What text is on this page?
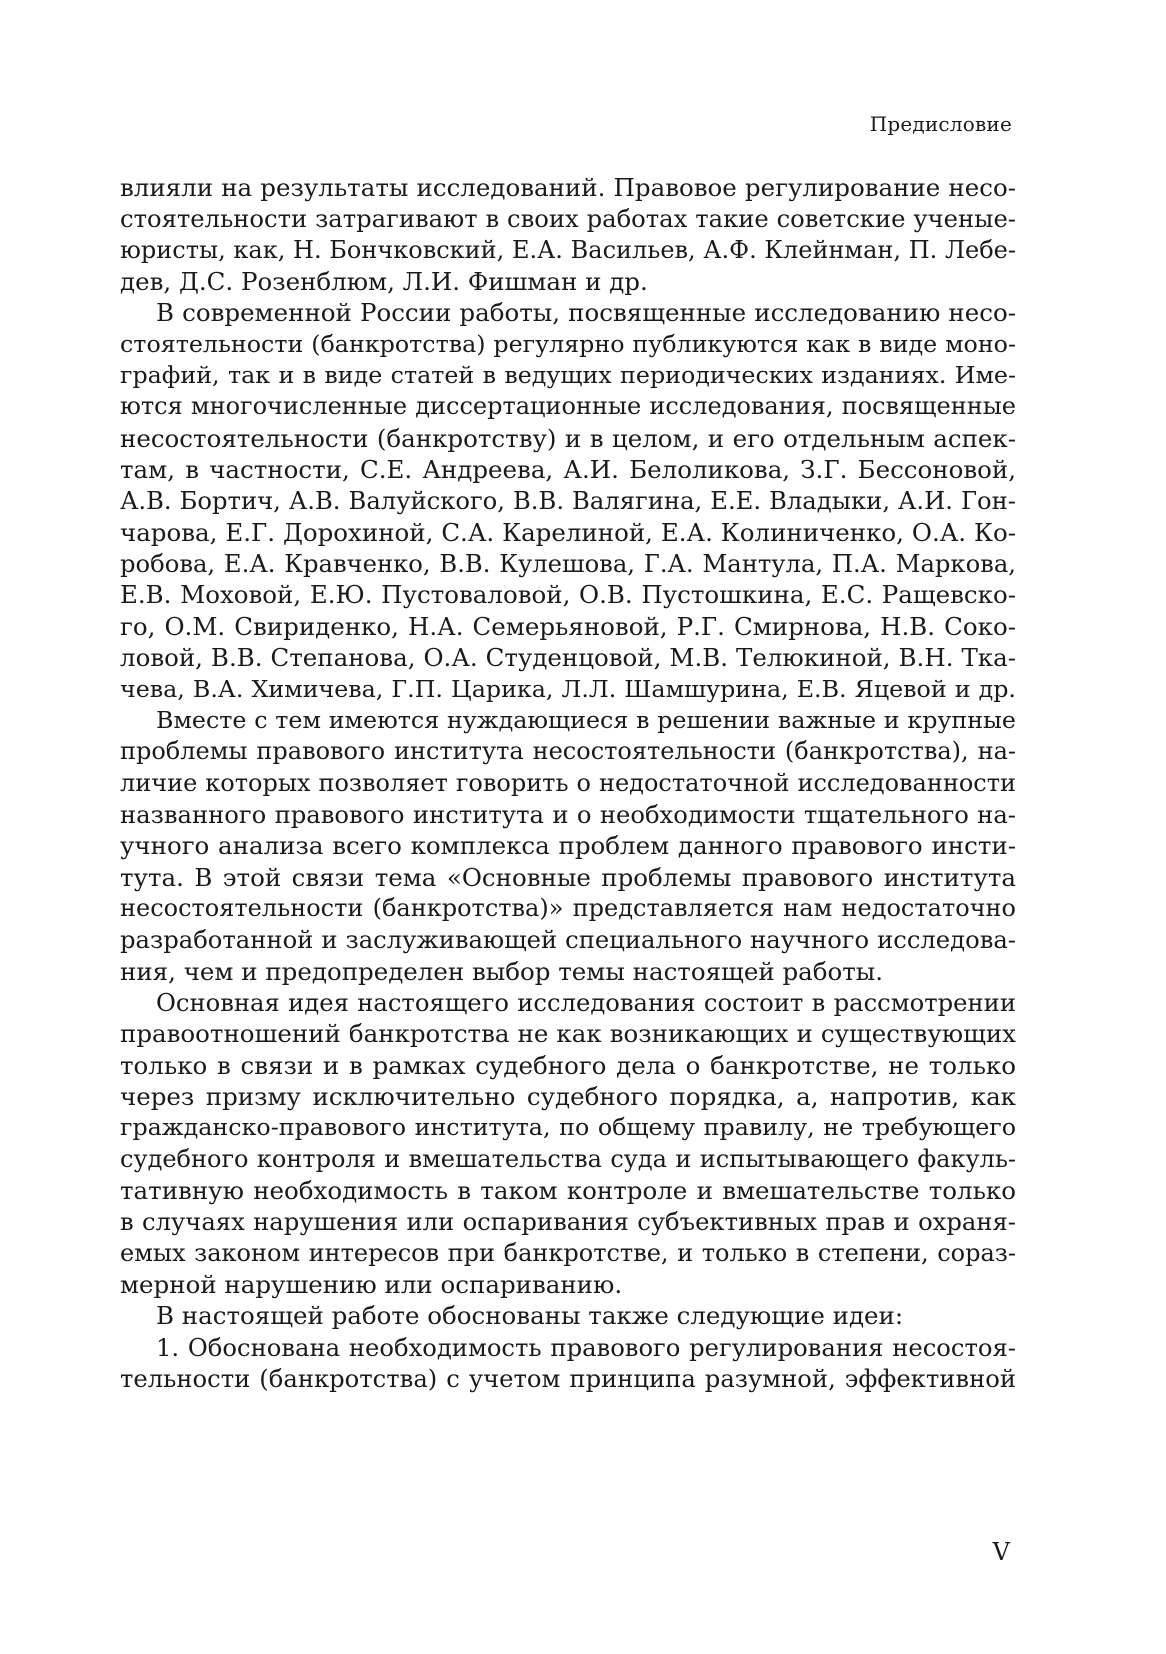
Предисловие
влияли на результаты исследований. Правовое регулирование несо-
стоятельности затрагивают в своих работах такие советские ученые-
юристы, как, Н. Бончковский, Е.А. Васильев, А.Ф. Клейнман, П. Лебе-
дев, Д.С. Розенблюм, Л.И. Фишман и др.
В современной России работы, посвященные исследованию несо-
стоятельности (банкротства) регулярно публикуются как в виде моно-
графий, так и в виде статей в ведущих периодических изданиях. Име-
ются многочисленные диссертационные исследования, посвященные
несостоятельности (банкротству) и в целом, и его отдельным аспек-
там, в частности, С.Е. Андреева, А.И. Белоликова, З.Г. Бессоновой,
А.В. Бортич, А.В. Валуйского, В.В. Валягина, Е.Е. Владыки, А.И. Гон-
чарова, Е.Г. Дорохиной, С.А. Карелиной, Е.А. Колиниченко, О.А. Ко-
робова, Е.А. Кравченко, В.В. Кулешова, Г.А. Мантула, П.А. Маркова,
Е.В. Моховой, Е.Ю. Пустоваловой, О.В. Пустошкина, Е.С. Ращевско-
го, О.М. Свириденко, Н.А. Семерьяновой, Р.Г. Смирнова, Н.В. Соко-
ловой, В.В. Степанова, О.А. Студенцовой, М.В. Телюкиной, В.Н. Тка-
чева, В.А. Химичева, Г.П. Царика, Л.Л. Шамшурина, Е.В. Яцевой и др.
Вместе с тем имеются нуждающиеся в решении важные и крупные
проблемы правового института несостоятельности (банкротства), на-
личие которых позволяет говорить о недостаточной исследованности
названного правового института и о необходимости тщательного на-
учного анализа всего комплекса проблем данного правового инсти-
тута. В этой связи тема «Основные проблемы правового института
несостоятельности (банкротства)» представляется нам недостаточно
разработанной и заслуживающей специального научного исследова-
ния, чем и предопределен выбор темы настоящей работы.
Основная идея настоящего исследования состоит в рассмотрении
правоотношений банкротства не как возникающих и существующих
только в связи и в рамках судебного дела о банкротстве, не только
через призму исключительно судебного порядка, а, напротив, как
гражданско-правового института, по общему правилу, не требующего
судебного контроля и вмешательства суда и испытывающего факуль-
тативную необходимость в таком контроле и вмешательстве только
в случаях нарушения или оспаривания субъективных прав и охраня-
емых законом интересов при банкротстве, и только в степени, сораз-
мерной нарушению или оспариванию.
В настоящей работе обоснованы также следующие идеи:
1. Обоснована необходимость правового регулирования несостоя-
тельности (банкротства) с учетом принципа разумной, эффективной
V
